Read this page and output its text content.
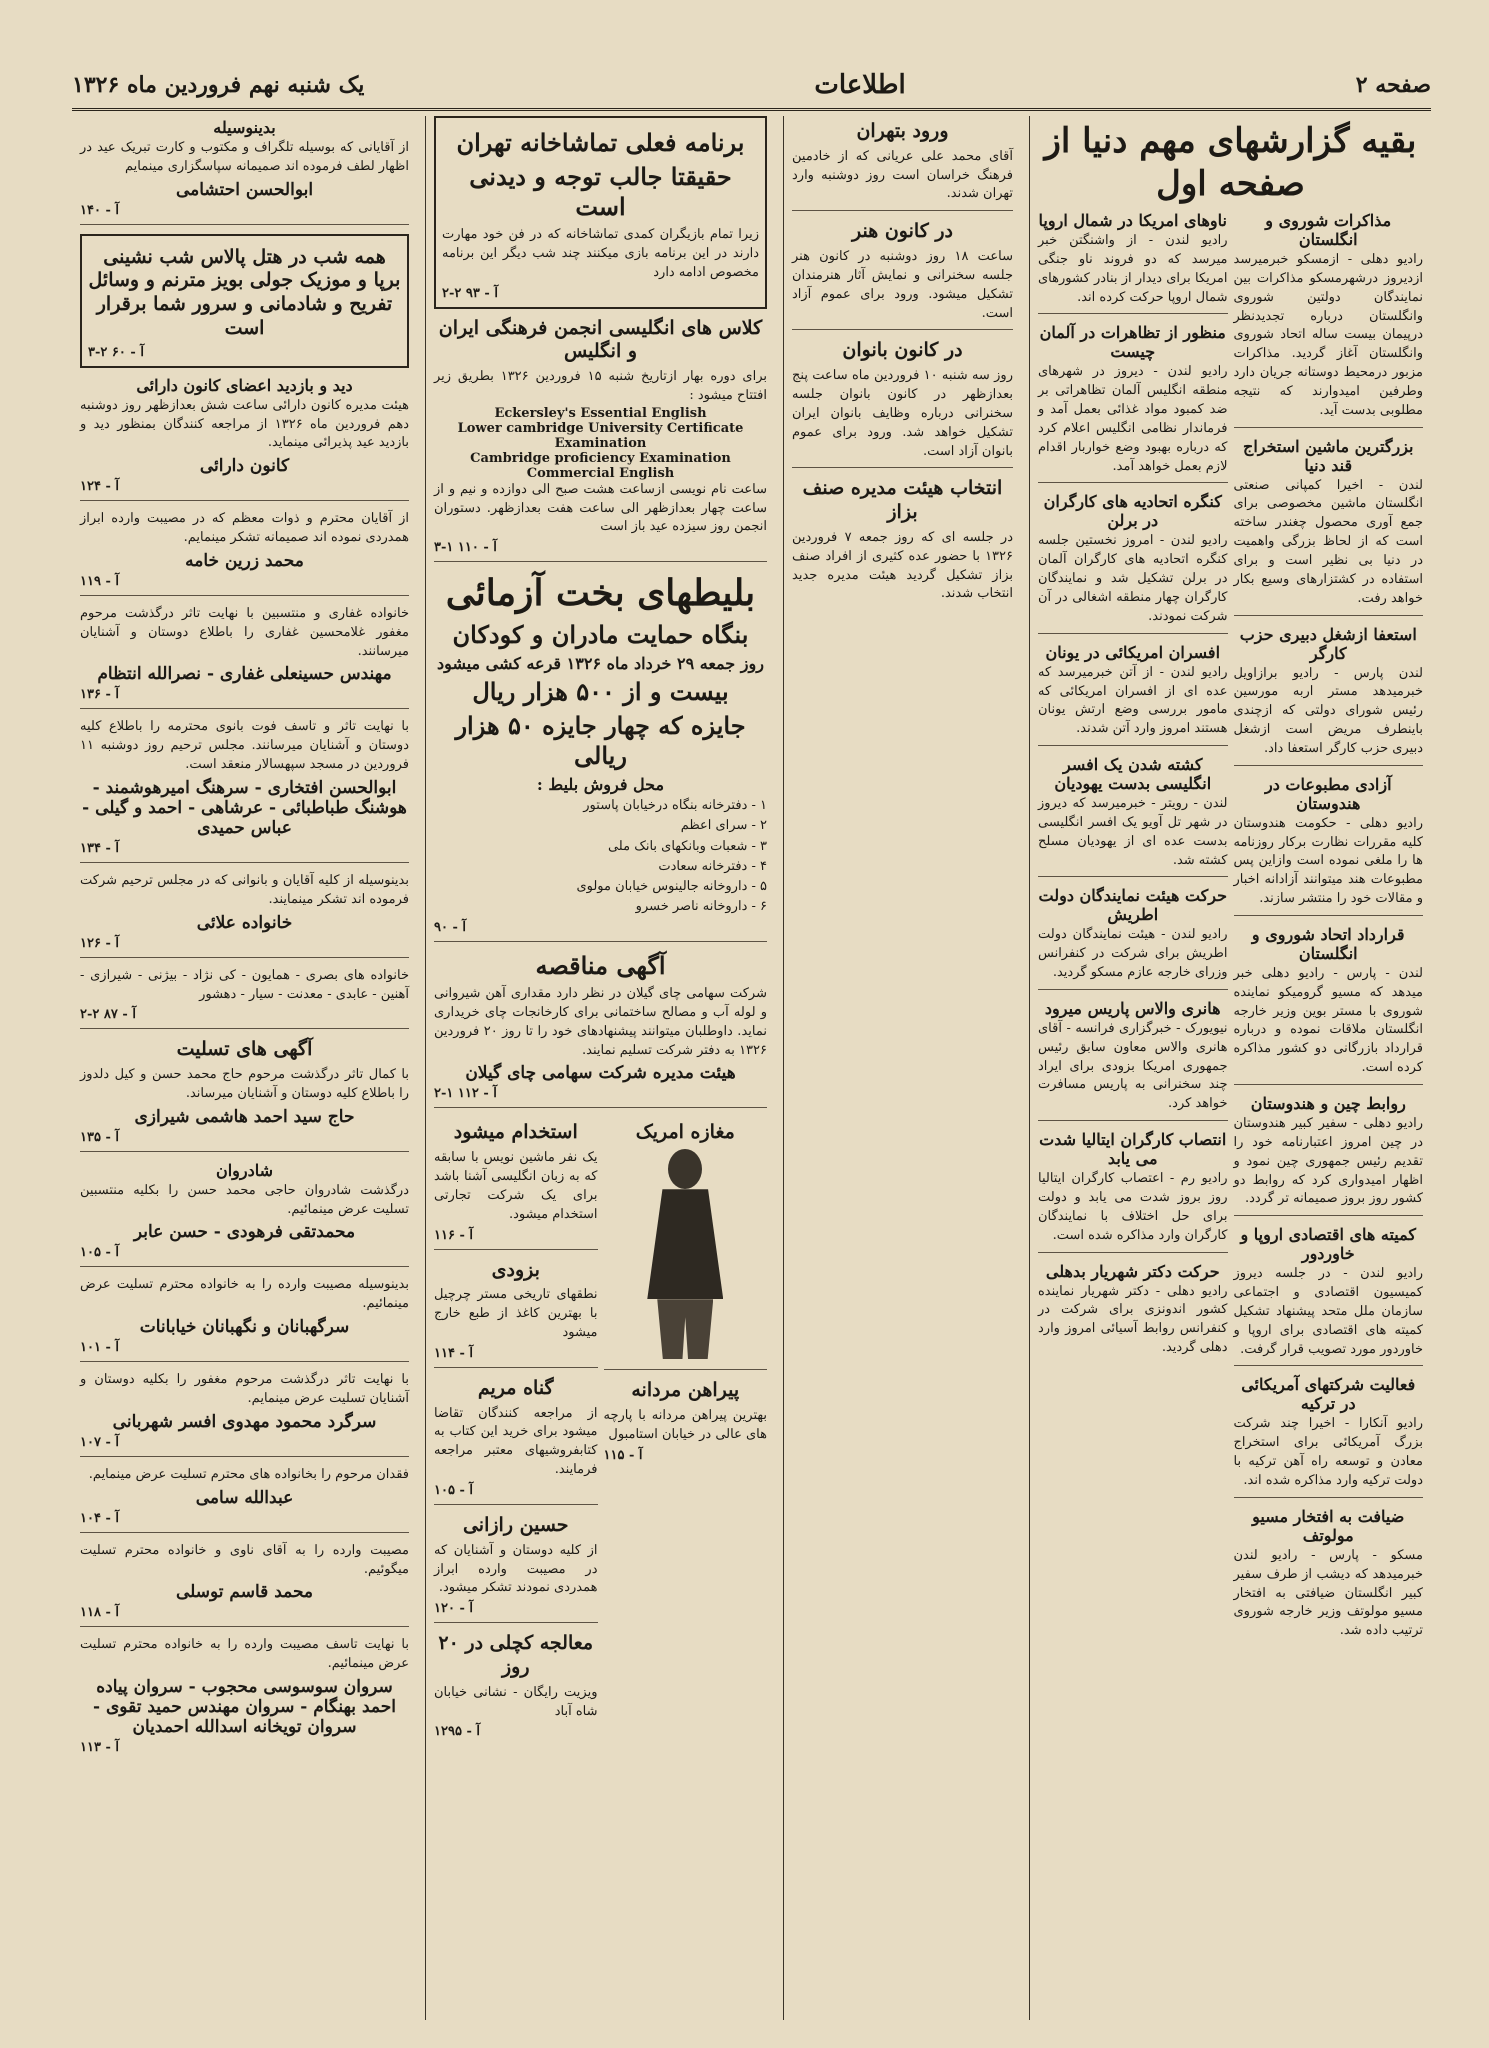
صفحه ۲
اطلاعات
یک شنبه نهم فروردین ماه ۱۳۲۶
بقیه گزارشهای مهم دنیا از صفحه اول
مذاکرات شوروی و انگلستان

رادیو دهلی - ازمسکو خبرمیرسد ازدیروز درشهرمسکو مذاکرات بین نمایندگان دولتین شوروی وانگلستان درباره تجدیدنظر درپیمان بیست ساله اتحاد شوروی وانگلستان آغاز گردید. مذاکرات مزبور درمحیط دوستانه جریان دارد وطرفین امیدوارند که نتیجه مطلوبی بدست آید.

بزرگترین ماشین استخراج قند دنیا

لندن - اخیرا کمپانی صنعتی انگلستان ماشین مخصوصی برای جمع آوری محصول چغندر ساخته است که از لحاظ بزرگی واهمیت در دنیا بی نظیر است و برای استفاده در کشتزارهای وسیع بکار خواهد رفت.

استعفا ازشغل دبیری حزب کارگر

لندن پارس - رادیو برازاویل خبرمیدهد مستر اربه مورسین رئیس شورای دولتی که ازچندی باینطرف مریض است ازشغل دبیری حزب کارگر استعفا داد.

آزادی مطبوعات در هندوستان

رادیو دهلی - حکومت هندوستان کلیه مقررات نظارت برکار روزنامه ها را ملغی نموده است وازاین پس مطبوعات هند میتوانند آزادانه اخبار و مقالات خود را منتشر سازند.

قرارداد اتحاد شوروی و انگلستان

لندن - پارس - رادیو دهلی خبر میدهد که مسیو گرومیکو نماینده شوروی با مستر بوین وزیر خارجه انگلستان ملاقات نموده و درباره قرارداد بازرگانی دو کشور مذاکره کرده است.

روابط چین و هندوستان

رادیو دهلی - سفیر کبیر هندوستان در چین امروز اعتبارنامه خود را تقدیم رئیس جمهوری چین نمود و اظهار امیدواری کرد که روابط دو کشور روز بروز صمیمانه تر گردد.

کمیته های اقتصادی اروپا و خاوردور

رادیو لندن - در جلسه دیروز کمیسیون اقتصادی و اجتماعی سازمان ملل متحد پیشنهاد تشکیل کمیته های اقتصادی برای اروپا و خاوردور مورد تصویب قرار گرفت.

فعالیت شرکتهای آمریکائی در ترکیه

رادیو آنکارا - اخیرا چند شرکت بزرگ آمریکائی برای استخراج معادن و توسعه راه آهن ترکیه با دولت ترکیه وارد مذاکره شده اند.

ضیافت به افتخار مسیو مولوتف

مسکو - پارس - رادیو لندن خبرمیدهد که دیشب از طرف سفیر کبیر انگلستان ضیافتی به افتخار مسیو مولوتف وزیر خارجه شوروی ترتیب داده شد.

ناوهای امریکا در شمال اروپا

رادیو لندن - از واشنگتن خبر میرسد که دو فروند ناو جنگی امریکا برای دیدار از بنادر کشورهای شمال اروپا حرکت کرده اند.

منظور از تظاهرات در آلمان چیست

رادیو لندن - دیروز در شهرهای منطقه انگلیس آلمان تظاهراتی بر ضد کمبود مواد غذائی بعمل آمد و فرماندار نظامی انگلیس اعلام کرد که درباره بهبود وضع خواربار اقدام لازم بعمل خواهد آمد.

کنگره اتحادیه های کارگران در برلن

رادیو لندن - امروز نخستین جلسه کنگره اتحادیه های کارگران آلمان در برلن تشکیل شد و نمایندگان کارگران چهار منطقه اشغالی در آن شرکت نمودند.

افسران امریکائی در یونان

رادیو لندن - از آتن خبرمیرسد که عده ای از افسران امریکائی که مامور بررسی وضع ارتش یونان هستند امروز وارد آتن شدند.

کشته شدن یک افسر انگلیسی بدست یهودیان

لندن - رویتر - خبرمیرسد که دیروز در شهر تل آویو یک افسر انگلیسی بدست عده ای از یهودیان مسلح کشته شد.

حرکت هیئت نمایندگان دولت اطریش

رادیو لندن - هیئت نمایندگان دولت اطریش برای شرکت در کنفرانس وزرای خارجه عازم مسکو گردید.

هانری والاس پاریس میرود

نیویورک - خبرگزاری فرانسه - آقای هانری والاس معاون سابق رئیس جمهوری امریکا بزودی برای ایراد چند سخنرانی به پاریس مسافرت خواهد کرد.

انتصاب کارگران ایتالیا شدت می یابد

رادیو رم - اعتصاب کارگران ایتالیا روز بروز شدت می یابد و دولت برای حل اختلاف با نمایندگان کارگران وارد مذاکره شده است.

حرکت دکتر شهریار بدهلی

رادیو دهلی - دکتر شهریار نماینده کشور اندونزی برای شرکت در کنفرانس روابط آسیائی امروز وارد دهلی گردید.

ورود بتهران

آقای محمد علی عریانی که از خادمین فرهنگ خراسان است روز دوشنبه وارد تهران شدند.

در کانون هنر

ساعت ۱۸ روز دوشنبه در کانون هنر جلسه سخنرانی و نمایش آثار هنرمندان تشکیل میشود. ورود برای عموم آزاد است.

در کانون بانوان

روز سه شنبه ۱۰ فروردین ماه ساعت پنج بعدازظهر در کانون بانوان جلسه سخنرانی درباره وظایف بانوان ایران تشکیل خواهد شد. ورود برای عموم بانوان آزاد است.

انتخاب هیئت مدیره صنف بزاز

در جلسه ای که روز جمعه ۷ فروردین ۱۳۲۶ با حضور عده کثیری از افراد صنف بزاز تشکیل گردید هیئت مدیره جدید انتخاب شدند.

برنامه فعلی تماشاخانه تهران
حقیقتا جالب توجه و دیدنی است

زیرا تمام بازیگران کمدی تماشاخانه که در فن خود مهارت دارند در این برنامه بازی میکنند چند شب دیگر این برنامه مخصوص ادامه دارد

آ - ۹۳ ۲-۲
کلاس های انگلیسی انجمن فرهنگی ایران و انگلیس

برای دوره بهار ازتاریخ شنبه ۱۵ فروردین ۱۳۲۶ بطریق زیر افتتاح میشود :

Eckersley's Essential English
Lower cambridge University Certificate Examination
Cambridge proficiency Examination
Commercial English

ساعت نام نویسی ازساعت هشت صبح الی دوازده و نیم و از ساعت چهار بعدازظهر الی ساعت هفت بعدازظهر. دستوران انجمن روز سیزده عید باز است

آ - ۱۱۰ ۱-۳
بلیطهای بخت آزمائی
بنگاه حمایت مادران و کودکان
روز جمعه ۲۹ خرداد ماه ۱۳۲۶ قرعه کشی میشود
بیست و از ۵۰۰ هزار ریال
جایزه که چهار جایزه ۵۰ هزار ریالی
محل فروش بلیط :
۱ - دفترخانه بنگاه درخیابان پاستور
۲ - سرای اعظم
۳ - شعبات وبانکهای بانک ملی
۴ - دفترخانه سعادت
۵ - داروخانه جالینوس خیابان مولوی
۶ - داروخانه ناصر خسرو
آ - ۹۰
آگهی مناقصه

شرکت سهامی چای گیلان در نظر دارد مقداری آهن شیروانی و لوله آب و مصالح ساختمانی برای کارخانجات چای خریداری نماید. داوطلبان میتوانند پیشنهادهای خود را تا روز ۲۰ فروردین ۱۳۲۶ به دفتر شرکت تسلیم نمایند.

هیئت مدیره شرکت سهامی چای گیلان
آ - ۱۱۲ ۱-۲
مغازه امریک
پیراهن مردانه

بهترین پیراهن مردانه با پارچه های عالی در خیابان استامبول

آ - ۱۱۵
استخدام میشود

یک نفر ماشین نویس با سابقه که به زبان انگلیسی آشنا باشد برای یک شرکت تجارتی استخدام میشود.

آ - ۱۱۶
بزودی

نطقهای تاریخی مستر چرچیل با بهترین کاغذ از طبع خارج میشود

آ - ۱۱۴
گناه مریم

از مراجعه کنندگان تقاضا میشود برای خرید این کتاب به کتابفروشیهای معتبر مراجعه فرمایند.

آ - ۱۰۵
حسین رازانی

از کلیه دوستان و آشنایان که در مصیبت وارده ابراز همدردی نمودند تشکر میشود.

آ - ۱۲۰
معالجه کچلی در ۲۰ روز

ویزیت رایگان - نشانی خیابان شاه آباد

آ - ۱۲۹۵
بدینوسیله

از آقایانی که بوسیله تلگراف و مکتوب و کارت تبریک عید در اظهار لطف فرموده اند صمیمانه سپاسگزاری مینمایم

ابوالحسن احتشامی
آ - ۱۴۰
همه شب در هتل پالاس شب نشینی برپا و موزیک جولی بویز مترنم و وسائل تفریح و شادمانی و سرور شما برقرار است
آ - ۶۰ ۲-۳
دید و بازدید اعضای کانون دارائی

هیئت مدیره کانون دارائی ساعت شش بعدازظهر روز دوشنبه دهم فروردین ماه ۱۳۲۶ از مراجعه کنندگان بمنظور دید و بازدید عید پذیرائی مینماید.

کانون دارائی
آ - ۱۲۴

از آقایان محترم و ذوات معظم که در مصیبت وارده ابراز همدردی نموده اند صمیمانه تشکر مینمایم.

محمد زرین خامه
آ - ۱۱۹

خانواده غفاری و منتسبین با نهایت تاثر درگذشت مرحوم مغفور غلامحسین غفاری را باطلاع دوستان و آشنایان میرسانند.

مهندس حسینعلی غفاری - نصرالله انتظام
آ - ۱۳۶

با نهایت تاثر و تاسف فوت بانوی محترمه را باطلاع کلیه دوستان و آشنایان میرسانند. مجلس ترحیم روز دوشنبه ۱۱ فروردین در مسجد سپهسالار منعقد است.

ابوالحسن افتخاری - سرهنگ امیرهوشمند - هوشنگ طباطبائی - عرشاهی - احمد و گیلی - عباس حمیدی
آ - ۱۳۴

بدینوسیله از کلیه آقایان و بانوانی که در مجلس ترحیم شرکت فرموده اند تشکر مینمایند.

خانواده علائی
آ - ۱۲۶

خانواده های بصری - همایون - کی نژاد - بیژنی - شیرازی - آهنین - عابدی - معدنت - سیار - دهشور

آ - ۸۷ ۲-۲
آگهی های تسلیت

با کمال تاثر درگذشت مرحوم حاج محمد حسن و کیل دلدوز را باطلاع کلیه دوستان و آشنایان میرساند.

حاج سید احمد هاشمی شیرازی
آ - ۱۳۵
شادروان

درگذشت شادروان حاجی محمد حسن را بکلیه منتسبین تسلیت عرض مینمائیم.

محمدتقی فرهودی - حسن عابر
آ - ۱۰۵

بدینوسیله مصیبت وارده را به خانواده محترم تسلیت عرض مینمائیم.

سرگهبانان و نگهبانان خیابانات
آ - ۱۰۱

با نهایت تاثر درگذشت مرحوم مغفور را بکلیه دوستان و آشنایان تسلیت عرض مینمایم.

سرگرد محمود مهدوی افسر شهربانی
آ - ۱۰۷

فقدان مرحوم را بخانواده های محترم تسلیت عرض مینمایم.

عبدالله سامی
آ - ۱۰۴

مصیبت وارده را به آقای ناوی و خانواده محترم تسلیت میگوئیم.

محمد قاسم توسلی
آ - ۱۱۸

با نهایت تاسف مصیبت وارده را به خانواده محترم تسلیت عرض مینمائیم.

سروان سوسوسی محجوب - سروان پیاده احمد بهنگام - سروان مهندس حمید تقوی - سروان تویخانه اسدالله احمدیان
آ - ۱۱۳
